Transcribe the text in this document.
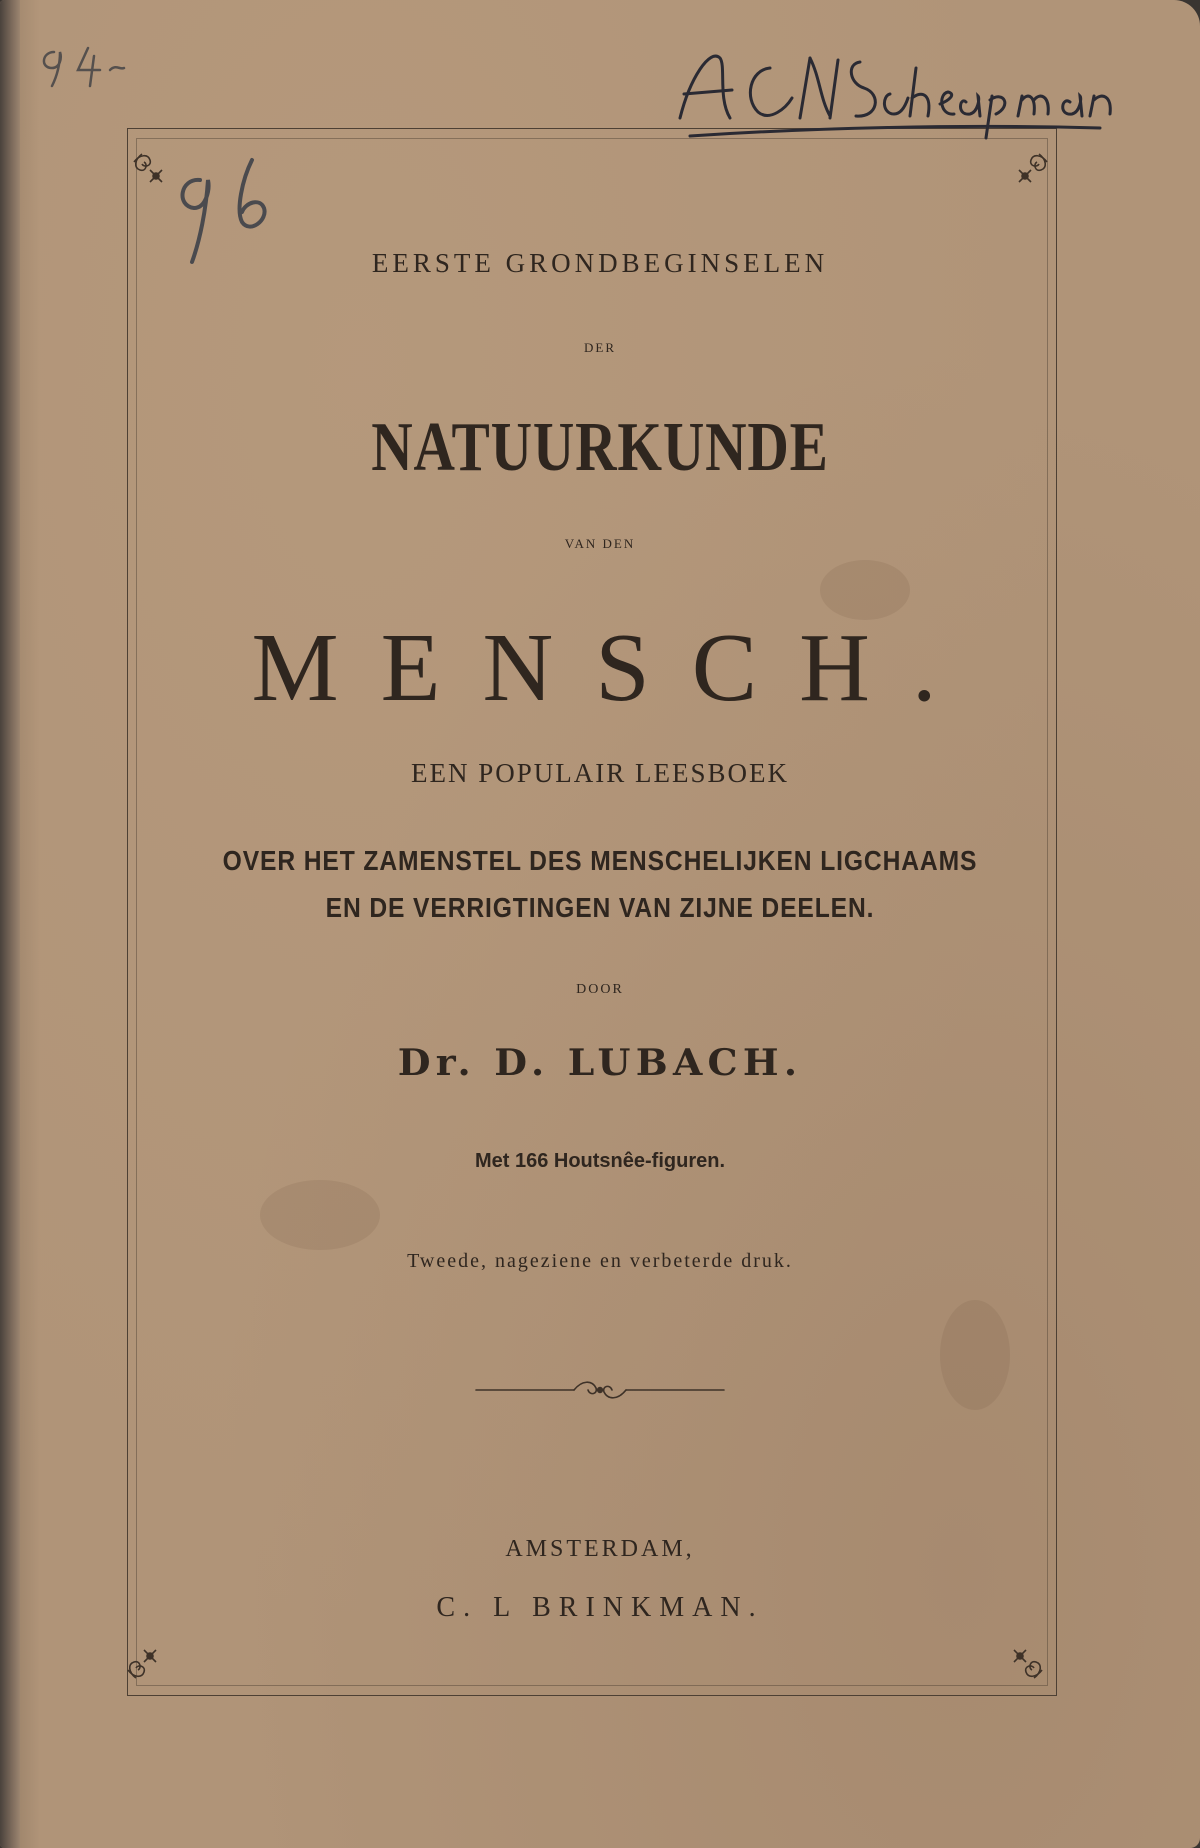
EERSTE GRONDBEGINSELEN

DER

NATUURKUNDE

VAN DEN

MENSCH.

EEN POPULAIR LEESBOEK

OVER HET ZAMENSTEL DES MENSCHELIJKEN LIGCHAAMS

EN DE VERRIGTINGEN VAN ZIJNE DEELEN.

DOOR

Dr. D. LUBACH.

Met 166 Houtsnêe-figuren.

Tweede, nageziene en verbeterde druk.

AMSTERDAM,

C. L BRINKMAN.
